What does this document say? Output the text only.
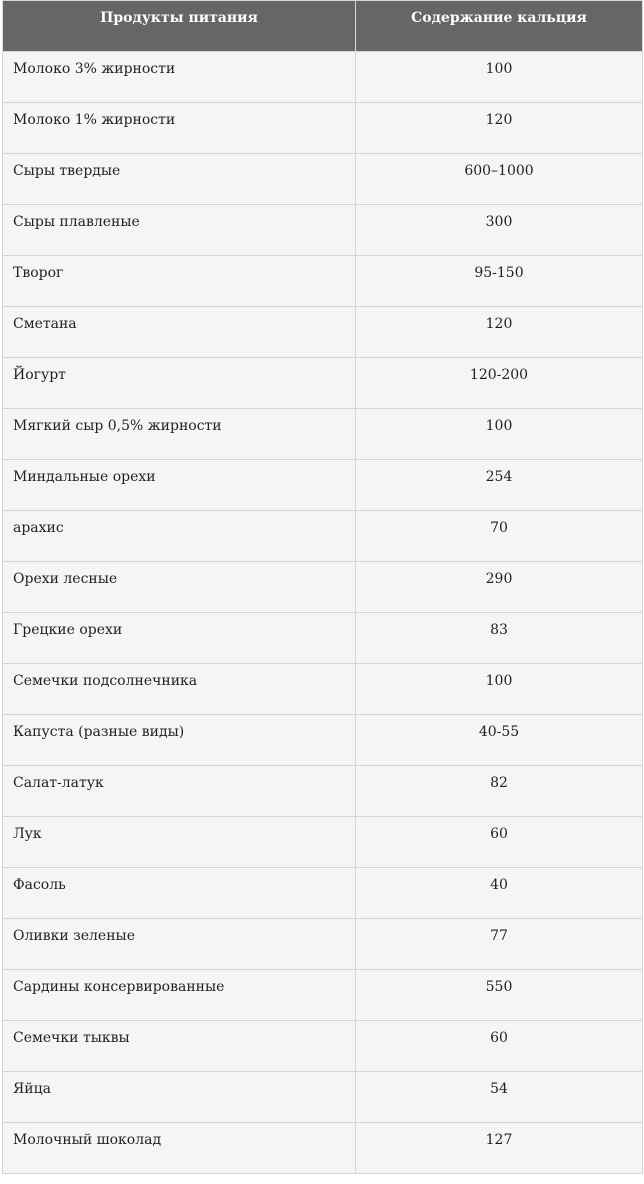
Продукты питания	Содержание кальция

Молоко 3% жирности	100

Молоко 1% жирности	120

Сыры твердые	600–1000

Сыры плавленые	300

Творог	95-150

Сметана	120

Йогурт	120-200

Мягкий сыр 0,5% жирности	100

Миндальные орехи	254

арахис	70

Орехи лесные	290

Грецкие орехи	83

Семечки подсолнечника	100

Капуста (разные виды)	40-55

Салат-латук	82

Лук	60

Фасоль	40

Оливки зеленые	77

Сардины консервированные	550

Семечки тыквы	60

Яйца	54

Молочный шоколад	127
